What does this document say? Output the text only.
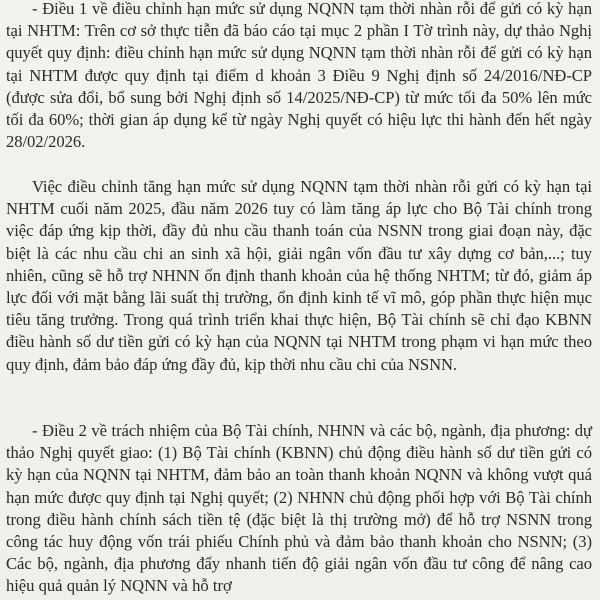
- Điều 1 về điều chỉnh hạn mức sử dụng NQNN tạm thời nhàn rỗi để gửi có kỳ hạn tại NHTM: Trên cơ sở thực tiễn đã báo cáo tại mục 2 phần I Tờ trình này, dự thảo Nghị quyết quy định: điều chỉnh hạn mức sử dụng NQNN tạm thời nhàn rỗi để gửi có kỳ hạn tại NHTM được quy định tại điểm d khoản 3 Điều 9 Nghị định số 24/2016/NĐ-CP (được sửa đổi, bổ sung bởi Nghị định số 14/2025/NĐ-CP) từ mức tối đa 50% lên mức tối đa 60%; thời gian áp dụng kể từ ngày Nghị quyết có hiệu lực thi hành đến hết ngày 28/02/2026.

Việc điều chỉnh tăng hạn mức sử dụng NQNN tạm thời nhàn rỗi gửi có kỳ hạn tại NHTM cuối năm 2025, đầu năm 2026 tuy có làm tăng áp lực cho Bộ Tài chính trong việc đáp ứng kịp thời, đầy đủ nhu cầu thanh toán của NSNN trong giai đoạn này, đặc biệt là các nhu cầu chi an sinh xã hội, giải ngân vốn đầu tư xây dựng cơ bản,...; tuy nhiên, cũng sẽ hỗ trợ NHNN ổn định thanh khoản của hệ thống NHTM; từ đó, giảm áp lực đối với mặt bằng lãi suất thị trường, ổn định kinh tế vĩ mô, góp phần thực hiện mục tiêu tăng trưởng. Trong quá trình triển khai thực hiện, Bộ Tài chính sẽ chỉ đạo KBNN điều hành số dư tiền gửi có kỳ hạn của NQNN tại NHTM trong phạm vi hạn mức theo quy định, đảm bảo đáp ứng đầy đủ, kịp thời nhu cầu chi của NSNN.

- Điều 2 về trách nhiệm của Bộ Tài chính, NHNN và các bộ, ngành, địa phương: dự thảo Nghị quyết giao: (1) Bộ Tài chính (KBNN) chủ động điều hành số dư tiền gửi có kỳ hạn của NQNN tại NHTM, đảm bảo an toàn thanh khoản NQNN và không vượt quá hạn mức được quy định tại Nghị quyết; (2) NHNN chủ động phối hợp với Bộ Tài chính trong điều hành chính sách tiền tệ (đặc biệt là thị trường mở) để hỗ trợ NSNN trong công tác huy động vốn trái phiếu Chính phủ và đảm bảo thanh khoản cho NSNN; (3) Các bộ, ngành, địa phương đẩy nhanh tiến độ giải ngân vốn đầu tư công để nâng cao hiệu quả quản lý NQNN và hỗ trợ
